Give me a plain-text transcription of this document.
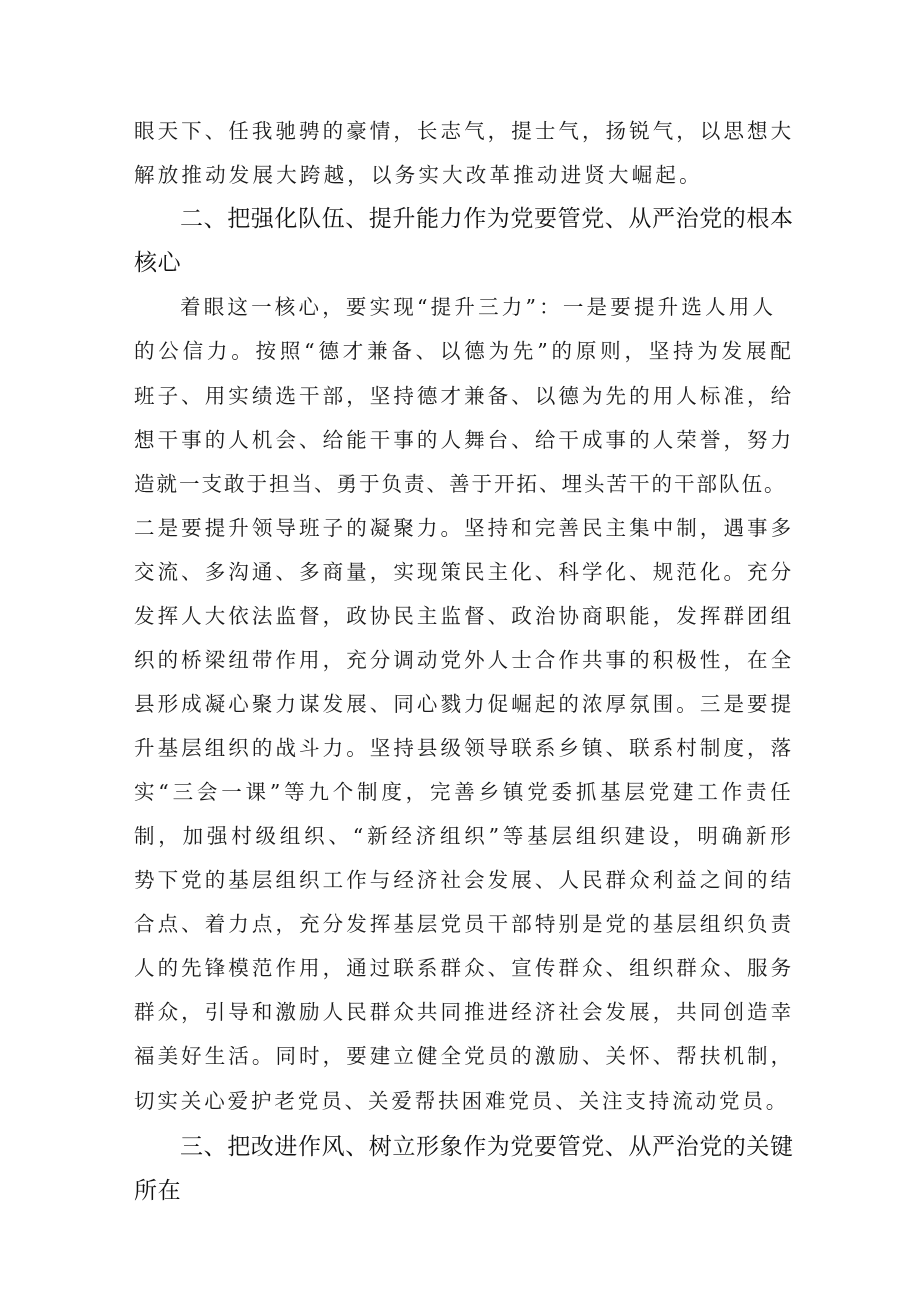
眼天下、任我驰骋的豪情，长志气，提士气，扬锐气，以思想大
解放推动发展大跨越，以务实大改革推动进贤大崛起。
二、把强化队伍、提升能力作为党要管党、从严治党的根本
核心
着眼这一核心，要实现“提升三力”：一是要提升选人用人
的公信力。按照“德才兼备、以德为先”的原则，坚持为发展配
班子、用实绩选干部，坚持德才兼备、以德为先的用人标准，给
想干事的人机会、给能干事的人舞台、给干成事的人荣誉，努力
造就一支敢于担当、勇于负责、善于开拓、埋头苦干的干部队伍。
二是要提升领导班子的凝聚力。坚持和完善民主集中制，遇事多
交流、多沟通、多商量，实现策民主化、科学化、规范化。充分
发挥人大依法监督，政协民主监督、政治协商职能，发挥群团组
织的桥梁纽带作用，充分调动党外人士合作共事的积极性，在全
县形成凝心聚力谋发展、同心戮力促崛起的浓厚氛围。三是要提
升基层组织的战斗力。坚持县级领导联系乡镇、联系村制度，落
实“三会一课”等九个制度，完善乡镇党委抓基层党建工作责任
制，加强村级组织、“新经济组织”等基层组织建设，明确新形
势下党的基层组织工作与经济社会发展、人民群众利益之间的结
合点、着力点，充分发挥基层党员干部特别是党的基层组织负责
人的先锋模范作用，通过联系群众、宣传群众、组织群众、服务
群众，引导和激励人民群众共同推进经济社会发展，共同创造幸
福美好生活。同时，要建立健全党员的激励、关怀、帮扶机制，
切实关心爱护老党员、关爱帮扶困难党员、关注支持流动党员。
三、把改进作风、树立形象作为党要管党、从严治党的关键
所在
